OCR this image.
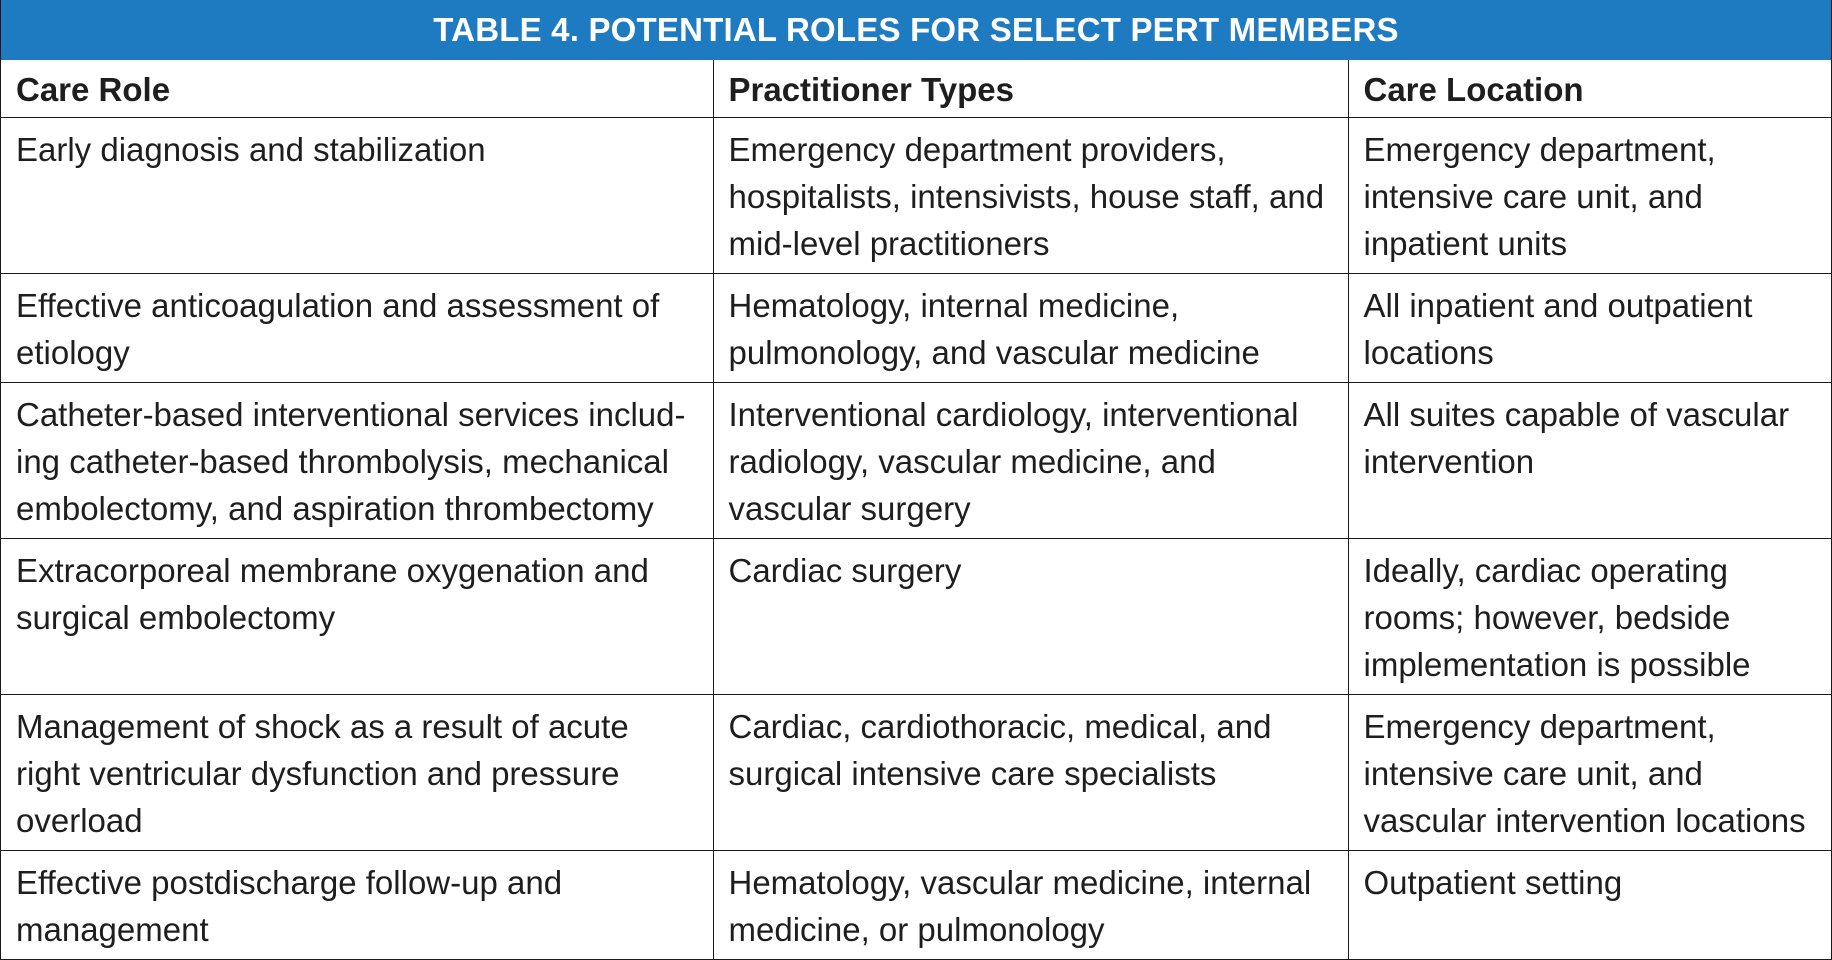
TABLE 4. POTENTIAL ROLES FOR SELECT PERT MEMBERS
Care Role	Practitioner Types	Care Location
Early diagnosis and stabilization	Emergency department providers, hospitalists, intensivists, house staff, and mid-level practitioners	Emergency department, intensive care unit, and inpatient units
Effective anticoagulation and assessment of etiology	Hematology, internal medicine, pulmonology, and vascular medicine	All inpatient and outpatient locations
Catheter-based interventional services includ-ing catheter-based thrombolysis, mechanical embolectomy, and aspiration thrombectomy	Interventional cardiology, interventional radiology, vascular medicine, and vascular surgery	All suites capable of vascular intervention
Extracorporeal membrane oxygenation and surgical embolectomy	Cardiac surgery	Ideally, cardiac operating rooms; however, bedside implementation is possible
Management of shock as a result of acute right ventricular dysfunction and pressure overload	Cardiac, cardiothoracic, medical, and surgical intensive care specialists	Emergency department, intensive care unit, and vascular intervention locations
Effective postdischarge follow-up and management	Hematology, vascular medicine, internal medicine, or pulmonology	Outpatient setting
